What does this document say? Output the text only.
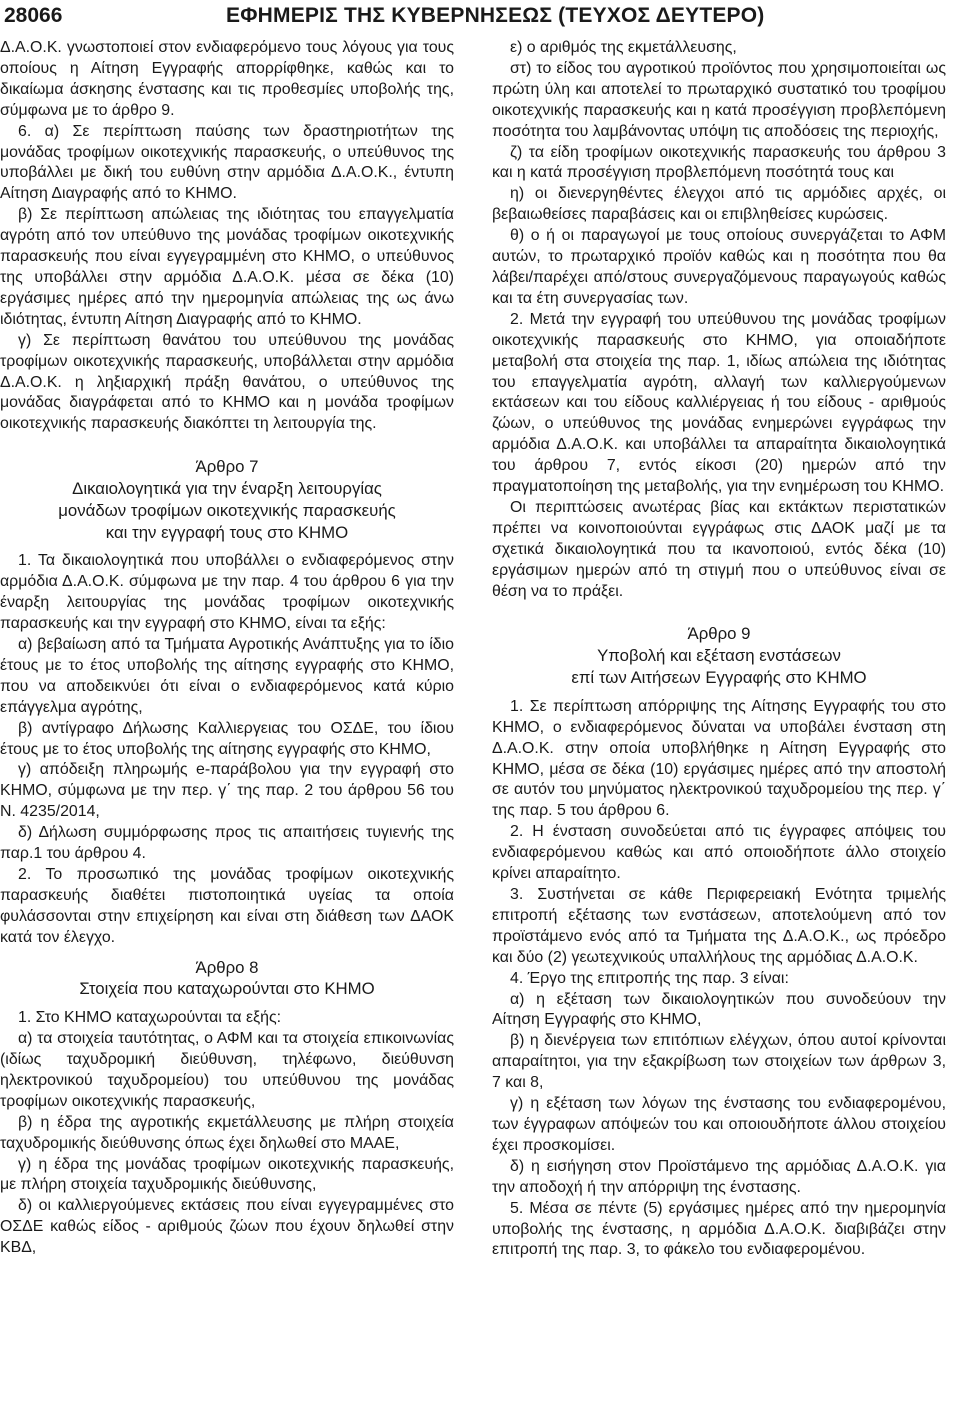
28066	ΕΦΗΜΕΡΙΣ ΤΗΣ ΚΥΒΕΡΝΗΣΕΩΣ (ΤΕΥΧΟΣ ΔΕΥΤΕΡΟ)

Δ.Α.Ο.Κ. γνωστοποιεί στον ενδιαφερόμενο τους λόγους για τους οποίους η Αίτηση Εγγραφής απορρίφθηκε, καθώς και το δικαίωμα άσκησης ένστασης και τις προθεσμίες υποβολής της, σύμφωνα με το άρθρο 9.

6. α) Σε περίπτωση παύσης των δραστηριοτήτων της μονάδας τροφίμων οικοτεχνικής παρασκευής, ο υπεύθυνος της υποβάλλει με δική του ευθύνη στην αρμόδια Δ.Α.Ο.Κ., έντυπη Αίτηση Διαγραφής από το ΚΗΜΟ.

β) Σε περίπτωση απώλειας της ιδιότητας του επαγγελματία αγρότη από τον υπεύθυνο της μονάδας τροφίμων οικοτεχνικής παρασκευής που είναι εγγεγραμμένη στο ΚΗΜΟ, ο υπεύθυνος της υποβάλλει στην αρμόδια Δ.Α.Ο.Κ. μέσα σε δέκα (10) εργάσιμες ημέρες από την ημερομηνία απώλειας της ως άνω ιδιότητας, έντυπη Αίτηση Διαγραφής από το ΚΗΜΟ.

γ) Σε περίπτωση θανάτου του υπεύθυνου της μονάδας τροφίμων οικοτεχνικής παρασκευής, υποβάλλεται στην αρμόδια Δ.Α.Ο.Κ. η ληξιαρχική πράξη θανάτου, ο υπεύθυνος της μονάδας διαγράφεται από το ΚΗΜΟ και η μονάδα τροφίμων οικοτεχνικής παρασκευής διακόπτει τη λειτουργία της.

Άρθρο 7

Δικαιολογητικά για την έναρξη λειτουργίας

μονάδων τροφίμων οικοτεχνικής παρασκευής

και την εγγραφή τους στο ΚΗΜΟ

1. Τα δικαιολογητικά που υποβάλλει ο ενδιαφερόμενος στην αρμόδια Δ.Α.Ο.Κ. σύμφωνα με την παρ. 4 του άρθρου 6 για την έναρξη λειτουργίας της μονάδας τροφίμων οικοτεχνικής παρασκευής και την εγγραφή στο ΚΗΜΟ, είναι τα εξής:

α) βεβαίωση από τα Τμήματα Αγροτικής Ανάπτυξης για το ίδιο έτους με το έτος υποβολής της αίτησης εγγραφής στο ΚΗΜΟ, που να αποδεικνύει ότι είναι ο ενδιαφερόμενος κατά κύριο επάγγελμα αγρότης,

β) αντίγραφο Δήλωσης Καλλιεργειας του ΟΣΔΕ, του ίδιου έτους με το έτος υποβολής της αίτησης εγγραφής στο ΚΗΜΟ,

γ) απόδειξη πληρωμής e-παράβολου για την εγγραφή στο ΚΗΜΟ, σύμφωνα με την περ. γ΄ της παρ. 2 του άρθρου 56 του Ν. 4235/2014,

δ) Δήλωση συμμόρφωσης προς τις απαιτήσεις τυγιενής της παρ.1 του άρθρου 4.

2. Το προσωπικό της μονάδας τροφίμων οικοτεχνικής παρασκευής διαθέτει πιστοποιητικά υγείας τα οποία φυλάσσονται στην επιχείρηση και είναι στη διάθεση των ΔΑΟΚ κατά τον έλεγχο.

Άρθρο 8

Στοιχεία που καταχωρούνται στο ΚΗΜΟ

1. Στο ΚΗΜΟ καταχωρούνται τα εξής:

α) τα στοιχεία ταυτότητας, ο ΑΦΜ και τα στοιχεία επικοινωνίας (ιδίως ταχυδρομική διεύθυνση, τηλέφωνο, διεύθυνση ηλεκτρονικού ταχυδρομείου) του υπεύθυνου της μονάδας τροφίμων οικοτεχνικής παρασκευής,

β) η έδρα της αγροτικής εκμετάλλευσης με πλήρη στοιχεία ταχυδρομικής διεύθυνσης όπως έχει δηλωθεί στο ΜΑΑΕ,

γ) η έδρα της μονάδας τροφίμων οικοτεχνικής παρασκευής, με πλήρη στοιχεία ταχυδρομικής διεύθυνσης,

δ) οι καλλιεργούμενες εκτάσεις που είναι εγγεγραμμένες στο ΟΣΔΕ καθώς είδος - αριθμούς ζώων που έχουν δηλωθεί στην ΚΒΔ,

ε) ο αριθμός της εκμετάλλευσης,

στ) το είδος του αγροτικού προϊόντος που χρησιμοποιείται ως πρώτη ύλη και αποτελεί το πρωταρχικό συστατικό του τροφίμου οικοτεχνικής παρασκευής και η κατά προσέγγιση προβλεπόμενη ποσότητα του λαμβάνοντας υπόψη τις αποδόσεις της περιοχής,

ζ) τα είδη τροφίμων οικοτεχνικής παρασκευής του άρθρου 3 και η κατά προσέγγιση προβλεπόμενη ποσότητά τους και

η) οι διενεργηθέντες έλεγχοι από τις αρμόδιες αρχές, οι βεβαιωθείσες παραβάσεις και οι επιβληθείσες κυρώσεις.

θ) ο ή οι παραγωγοί με τους οποίους συνεργάζεται το ΑΦΜ αυτών, το πρωταρχικό προϊόν καθώς και η ποσότητα που θα λάβει/παρέχει από/στους συνεργαζόμενους παραγωγούς καθώς και τα έτη συνεργασίας των.

2. Μετά την εγγραφή του υπεύθυνου της μονάδας τροφίμων οικοτεχνικής παρασκευής στο ΚΗΜΟ, για οποιαδήποτε μεταβολή στα στοιχεία της παρ. 1, ιδίως απώλεια της ιδιότητας του επαγγελματία αγρότη, αλλαγή των καλλιεργούμενων εκτάσεων και του είδους καλλιέργειας ή του είδους - αριθμούς ζώων, ο υπεύθυνος της μονάδας ενημερώνει εγγράφως την αρμόδια Δ.Α.Ο.Κ. και υποβάλλει τα απαραίτητα δικαιολογητικά του άρθρου 7, εντός είκοσι (20) ημερών από την πραγματοποίηση της μεταβολής, για την ενημέρωση του ΚΗΜΟ.

Οι περιπτώσεις ανωτέρας βίας και εκτάκτων περιστατικών πρέπει να κοινοποιούνται εγγράφως στις ΔΑΟΚ μαζί με τα σχετικά δικαιολογητικά που τα ικανοποιού, εντός δέκα (10) εργάσιμων ημερών από τη στιγμή που ο υπεύθυνος είναι σε θέση να το πράξει.

Άρθρο 9

Υποβολή και εξέταση ενστάσεων

επί των Αιτήσεων Εγγραφής στο ΚΗΜΟ

1. Σε περίπτωση απόρριψης της Αίτησης Εγγραφής του στο ΚΗΜΟ, ο ενδιαφερόμενος δύναται να υποβάλει ένσταση στη Δ.Α.Ο.Κ. στην οποία υποβλήθηκε η Αίτηση Εγγραφής στο ΚΗΜΟ, μέσα σε δέκα (10) εργάσιμες ημέρες από την αποστολή σε αυτόν του μηνύματος ηλεκτρονικού ταχυδρομείου της περ. γ΄ της παρ. 5 του άρθρου 6.

2. Η ένσταση συνοδεύεται από τις έγγραφες απόψεις του ενδιαφερόμενου καθώς και από οποιοδήποτε άλλο στοιχείο κρίνει απαραίτητο.

3. Συστήνεται σε κάθε Περιφερειακή Ενότητα τριμελής επιτροπή εξέτασης των ενστάσεων, αποτελούμενη από τον προϊστάμενο ενός από τα Τμήματα της Δ.Α.Ο.Κ., ως πρόεδρο και δύο (2) γεωτεχνικούς υπαλλήλους της αρμόδιας Δ.Α.Ο.Κ.

4. Έργο της επιτροπής της παρ. 3 είναι:

α) η εξέταση των δικαιολογητικών που συνοδεύουν την Αίτηση Εγγραφής στο ΚΗΜΟ,

β) η διενέργεια των επιτόπιων ελέγχων, όπου αυτοί κρίνονται απαραίτητοι, για την εξακρίβωση των στοιχείων των άρθρων 3, 7 και 8,

γ) η εξέταση των λόγων της ένστασης του ενδιαφερομένου, των έγγραφων απόψεών του και οποιουδήποτε άλλου στοιχείου έχει προσκομίσει.

δ) η εισήγηση στον Προϊστάμενο της αρμόδιας Δ.Α.Ο.Κ. για την αποδοχή ή την απόρριψη της ένστασης.

5. Μέσα σε πέντε (5) εργάσιμες ημέρες από την ημερομηνία υποβολής της ένστασης, η αρμόδια Δ.Α.Ο.Κ. διαβιβάζει στην επιτροπή της παρ. 3, το φάκελο του ενδιαφερομένου.
